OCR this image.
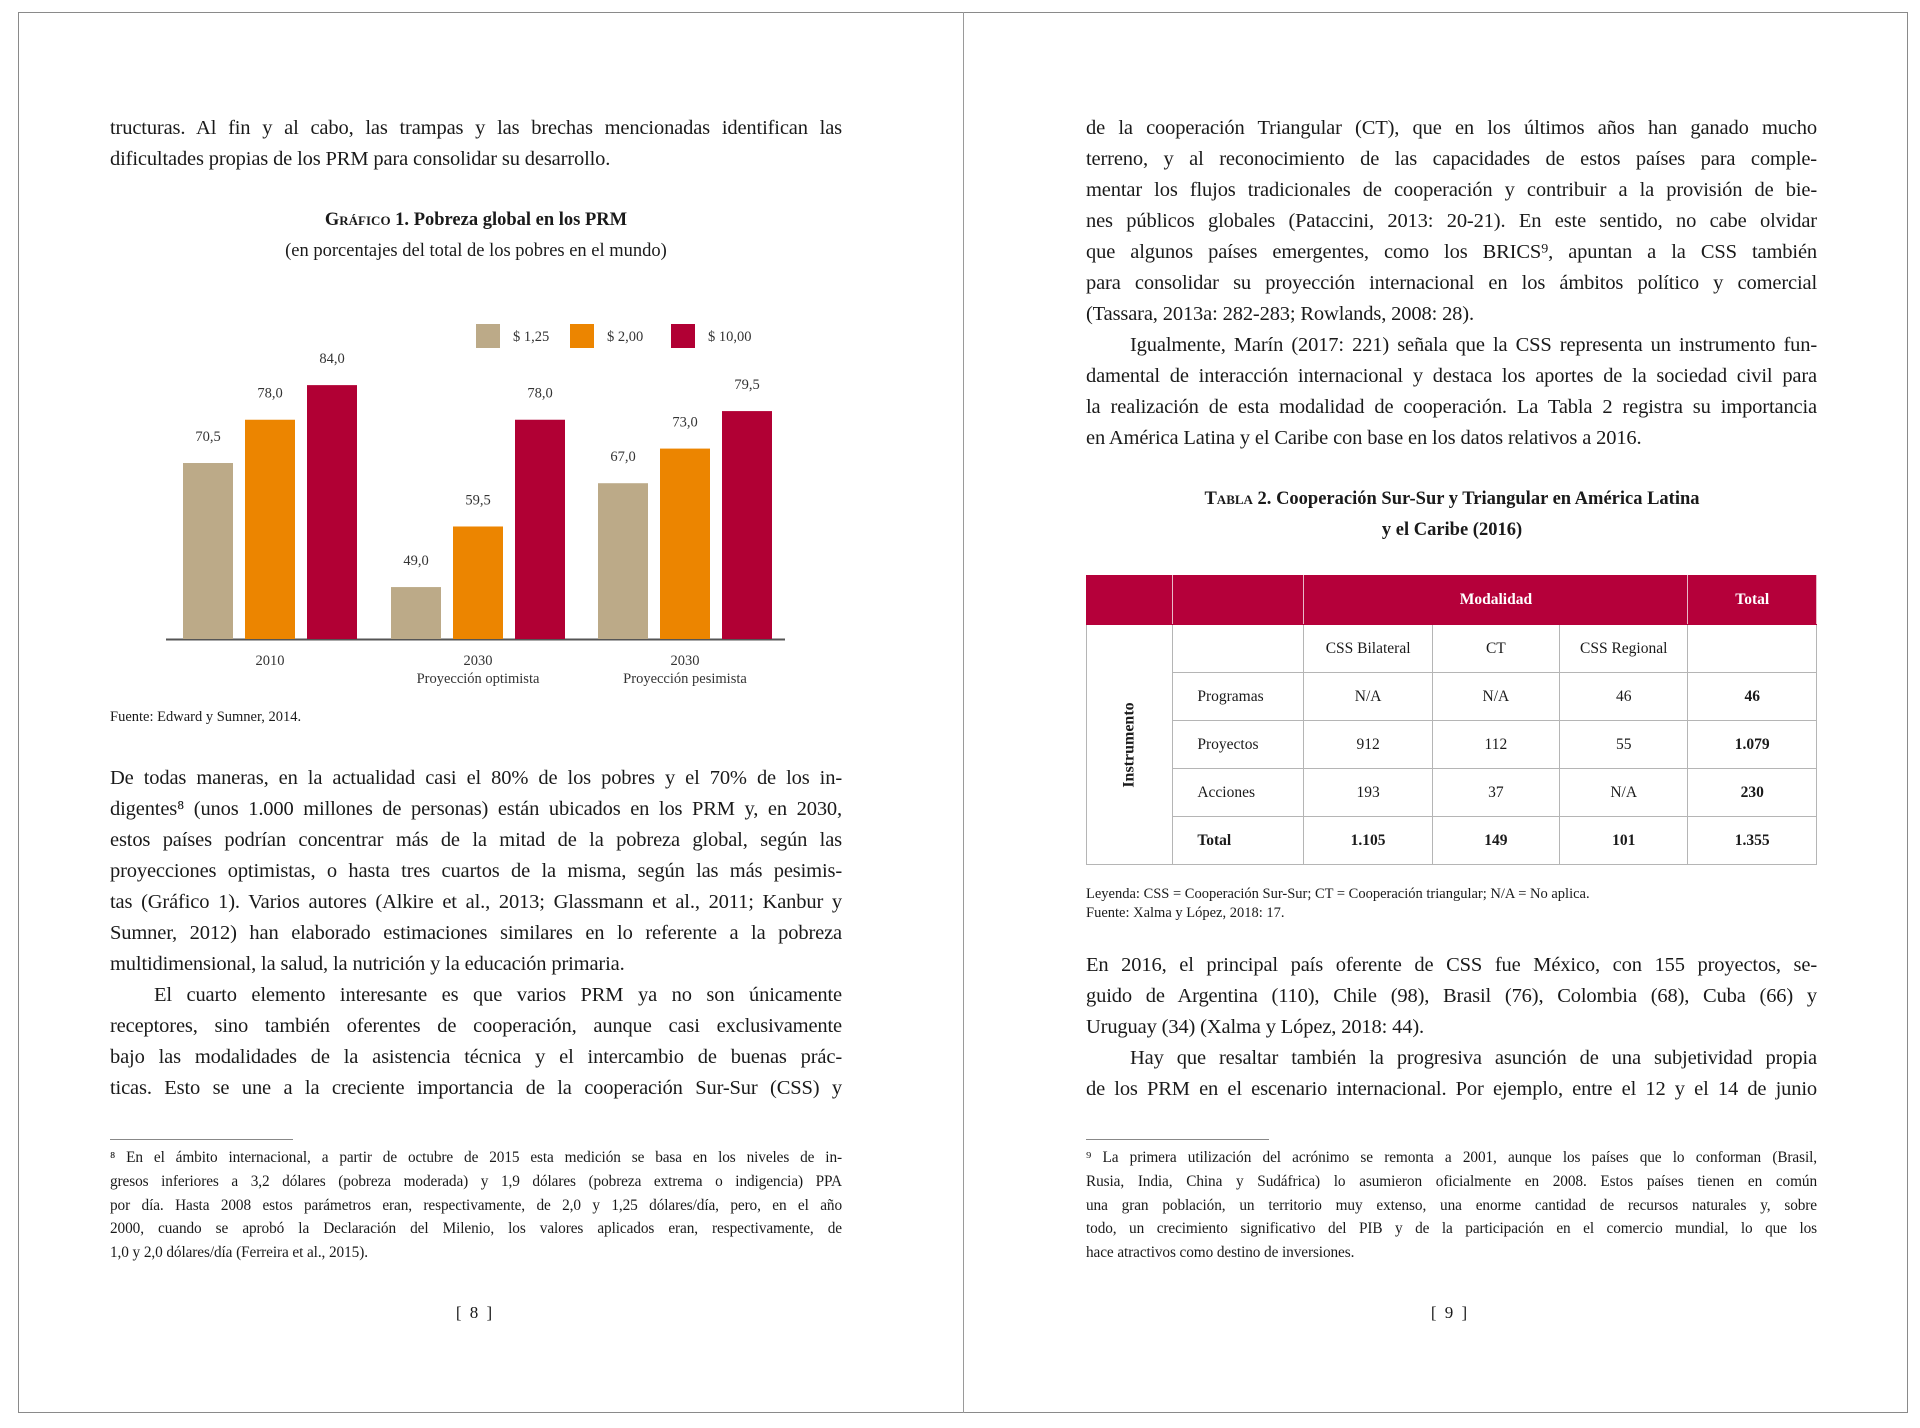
Gráfico 1. Pobreza global en los PRM
(en porcentajes del total de los pobres en el mundo)
70,5
49,0
67,0
$ 1,25
78,0
59,5
73,0
$ 2,00
84,0
78,0
79,5
$ 10,00
2010	2030
Proyección optimista
2030
Proyección pesimista
Fuente: Edward y Sumner, 2014.
[ 8 ]
tructuras. Al fin y al cabo, las trampas y las brechas mencionadas identifican las
dificultades propias de los PRM para consolidar su desarrollo.
De todas maneras, en la actualidad casi el 80% de los pobres y el 70% de los in-
digentes⁸ (unos 1.000 millones de personas) están ubicados en los PRM y, en 2030,
estos países podrían concentrar más de la mitad de la pobreza global, según las
proyecciones optimistas, o hasta tres cuartos de la misma, según las más pesimis-
tas (Gráfico 1). Varios autores (Alkire et al., 2013; Glassmann et al., 2011; Kanbur y
Sumner, 2012) han elaborado estimaciones similares en lo referente a la pobreza
multidimensional, la salud, la nutrición y la educación primaria.
El cuarto elemento interesante es que varios PRM ya no son únicamente
receptores, sino también oferentes de cooperación, aunque casi exclusivamente
bajo las modalidades de la asistencia técnica y el intercambio de buenas prác-
ticas. Esto se une a la creciente importancia de la cooperación Sur-Sur (CSS) y
⁸ En el ámbito internacional, a partir de octubre de 2015 esta medición se basa en los niveles de in-
gresos inferiores a 3,2 dólares (pobreza moderada) y 1,9 dólares (pobreza extrema o indigencia) PPA
por día. Hasta 2008 estos parámetros eran, respectivamente, de 2,0 y 1,25 dólares/día, pero, en el año
2000, cuando se aprobó la Declaración del Milenio, los valores aplicados eran, respectivamente, de
1,0 y 2,0 dólares/día (Ferreira et al., 2015).
Tabla 2. Cooperación Sur-Sur y Triangular en América Latina
y el Caribe (2016)
		Modalidad			Total
Instrumento		CSS Bilateral	CT	CSS Regional	
	Programas	N/A	N/A	46	46
	Proyectos	912	112	55	1.079
	Acciones	193	37	N/A	230
	Total	1.105	149	101	1.355
Leyenda: CSS = Cooperación Sur-Sur; CT = Cooperación triangular; N/A = No aplica.
Fuente: Xalma y López, 2018: 17.
[ 9 ]
de la cooperación Triangular (CT), que en los últimos años han ganado mucho
terreno, y al reconocimiento de las capacidades de estos países para comple-
mentar los flujos tradicionales de cooperación y contribuir a la provisión de bie-
nes públicos globales (Pataccini, 2013: 20-21). En este sentido, no cabe olvidar
que algunos países emergentes, como los BRICS⁹, apuntan a la CSS también
para consolidar su proyección internacional en los ámbitos político y comercial
(Tassara, 2013a: 282-283; Rowlands, 2008: 28).
Igualmente, Marín (2017: 221) señala que la CSS representa un instrumento fun-
damental de interacción internacional y destaca los aportes de la sociedad civil para
la realización de esta modalidad de cooperación. La Tabla 2 registra su importancia
en América Latina y el Caribe con base en los datos relativos a 2016.
En 2016, el principal país oferente de CSS fue México, con 155 proyectos, se-
guido de Argentina (110), Chile (98), Brasil (76), Colombia (68), Cuba (66) y
Uruguay (34) (Xalma y López, 2018: 44).
Hay que resaltar también la progresiva asunción de una subjetividad propia
de los PRM en el escenario internacional. Por ejemplo, entre el 12 y el 14 de junio
⁹ La primera utilización del acrónimo se remonta a 2001, aunque los países que lo conforman (Brasil,
Rusia, India, China y Sudáfrica) lo asumieron oficialmente en 2008. Estos países tienen en común
una gran población, un territorio muy extenso, una enorme cantidad de recursos naturales y, sobre
todo, un crecimiento significativo del PIB y de la participación en el comercio mundial, lo que los
hace atractivos como destino de inversiones.
